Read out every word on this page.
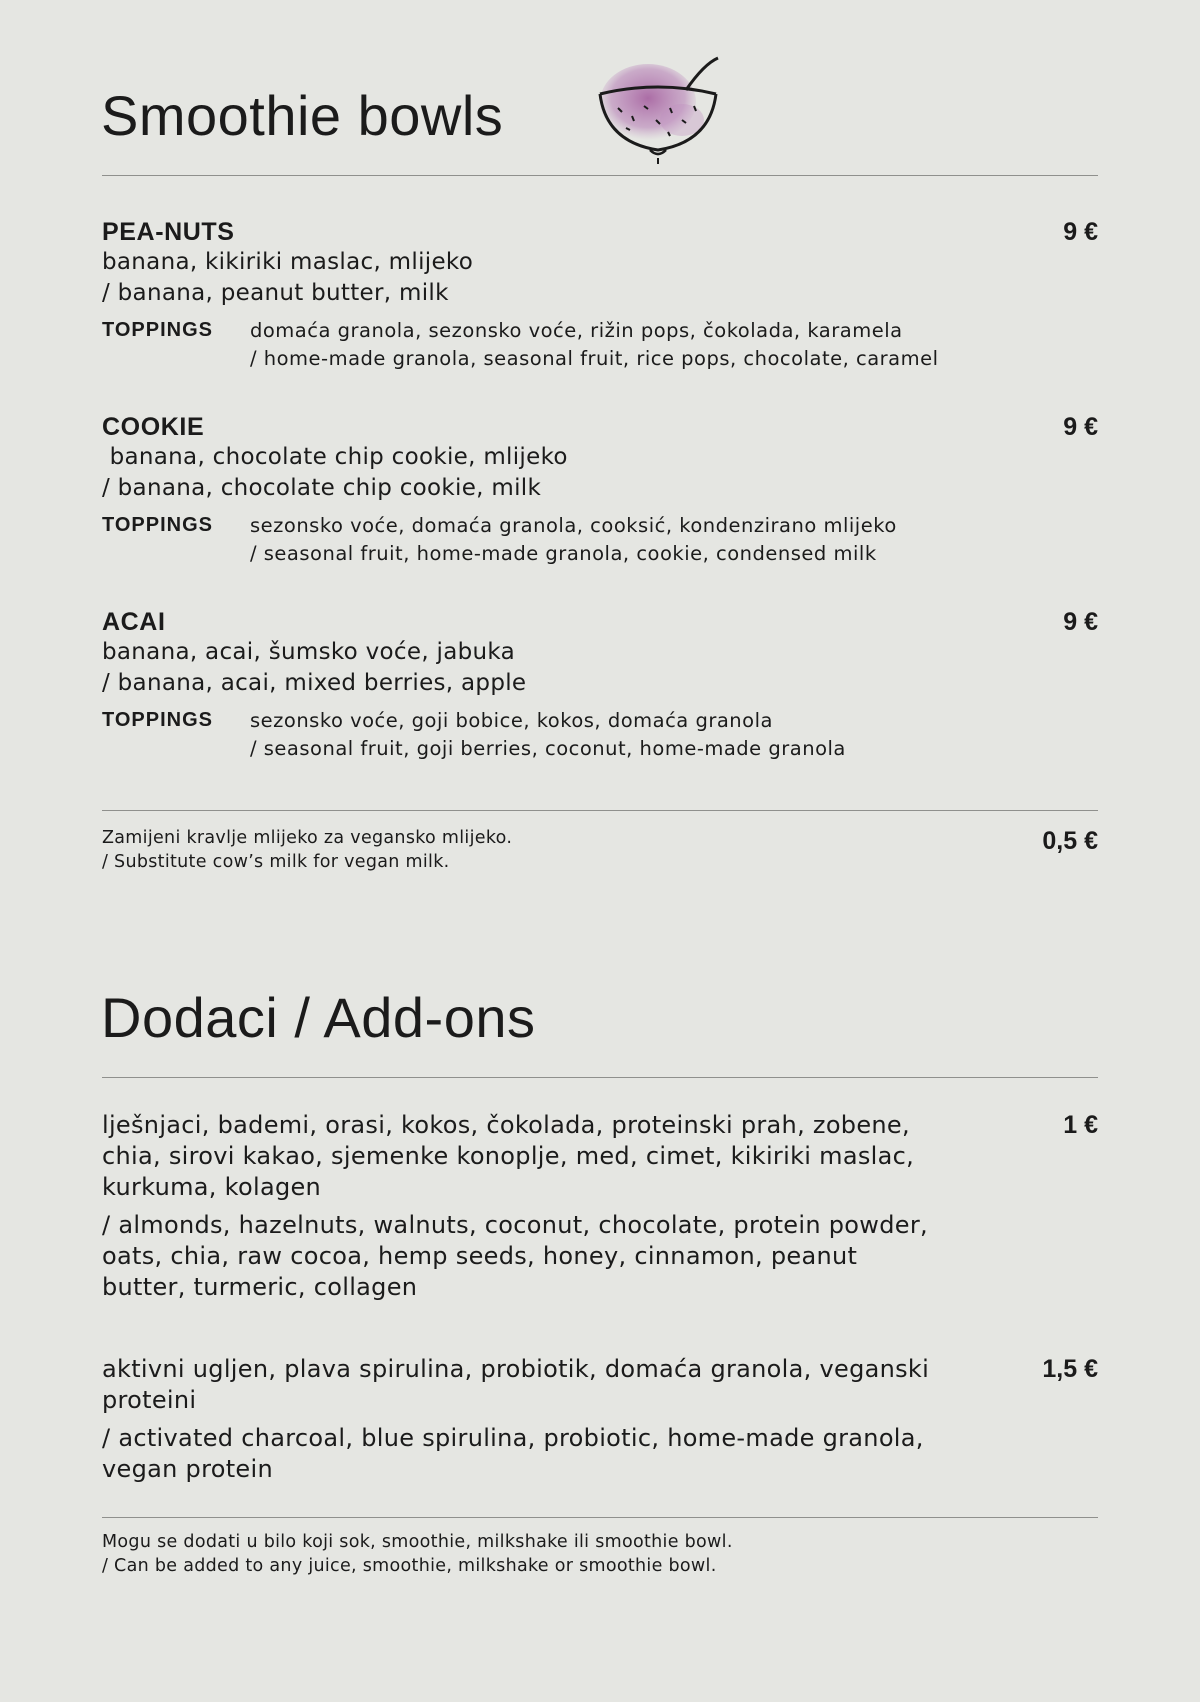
Smoothie bowls
PEA-NUTS	9 €
banana, kikiriki maslac, mlijeko
/ banana, peanut butter, milk
TOPPINGS	domaća granola, sezonsko voće, rižin pops, čokolada, karamela
/ home-made granola, seasonal fruit, rice pops, chocolate, caramel
COOKIE	9 €
banana, chocolate chip cookie, mlijeko
/ banana, chocolate chip cookie, milk
TOPPINGS	sezonsko voće, domaća granola, cooksić, kondenzirano mlijeko
/ seasonal fruit, home-made granola, cookie, condensed milk
ACAI	9 €
banana, acai, šumsko voće, jabuka
/ banana, acai, mixed berries, apple
TOPPINGS	sezonsko voće, goji bobice, kokos, domaća granola
/ seasonal fruit, goji berries, coconut, home-made granola
Zamijeni kravlje mlijeko za vegansko mlijeko.
/ Substitute cow’s milk for vegan milk.
0,5 €
Dodaci / Add-ons
1 €
lješnjaci, bademi, orasi, kokos, čokolada, proteinski prah, zobene, chia, sirovi kakao, sjemenke konoplje, med, cimet, kikiriki maslac, kurkuma, kolagen
/ almonds, hazelnuts, walnuts, coconut, chocolate, protein powder, oats, chia, raw cocoa, hemp seeds, honey, cinnamon, peanut butter, turmeric, collagen
1,5 €
aktivni ugljen, plava spirulina, probiotik, domaća granola, veganski proteini
/ activated charcoal, blue spirulina, probiotic, home-made granola, vegan protein
Mogu se dodati u bilo koji sok, smoothie, milkshake ili smoothie bowl.
/ Can be added to any juice, smoothie, milkshake or smoothie bowl.
